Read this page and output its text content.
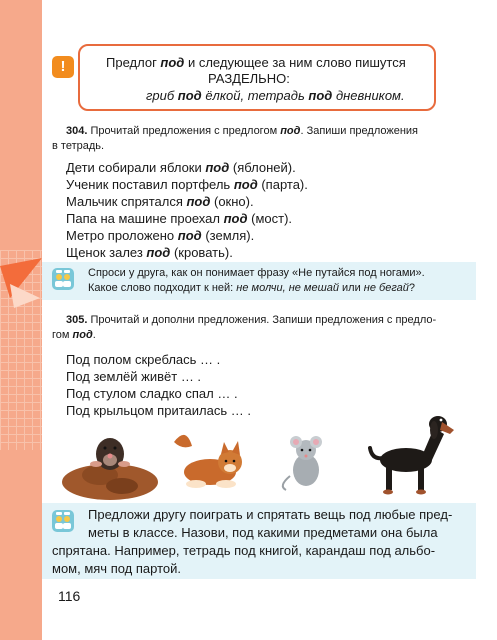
!	Предлог под и следующее за ним слово пишутся
РАЗДЕЛЬНО:
гриб под ёлкой, тетрадь под дневником.
304. Прочитай предложения с предлогом под. Запиши предложения
в тетрадь.
Дети собирали яблоки под (яблоней).
Ученик поставил портфель под (парта).
Мальчик спрятался под (окно).
Папа на машине проехал под (мост).
Метро проложено под (земля).
Щенок залез под (кровать).
Спроси у друга, как он понимает фразу «Не путайся под ногами».
Какое слово подходит к ней: не молчи, не мешай или не бегай?
305. Прочитай и дополни предложения. Запиши предложения с предло-
гом под.
Под полом скреблась … .
Под землёй живёт … .
Под стулом сладко спал … .
Под крыльцом притаилась … .
Предложи другу поиграть и спрятать вещь под любые пред-
меты в классе. Назови, под какими предметами она была
спрятана. Например, тетрадь под книгой, карандаш под альбо-
мом, мяч под партой.
116
